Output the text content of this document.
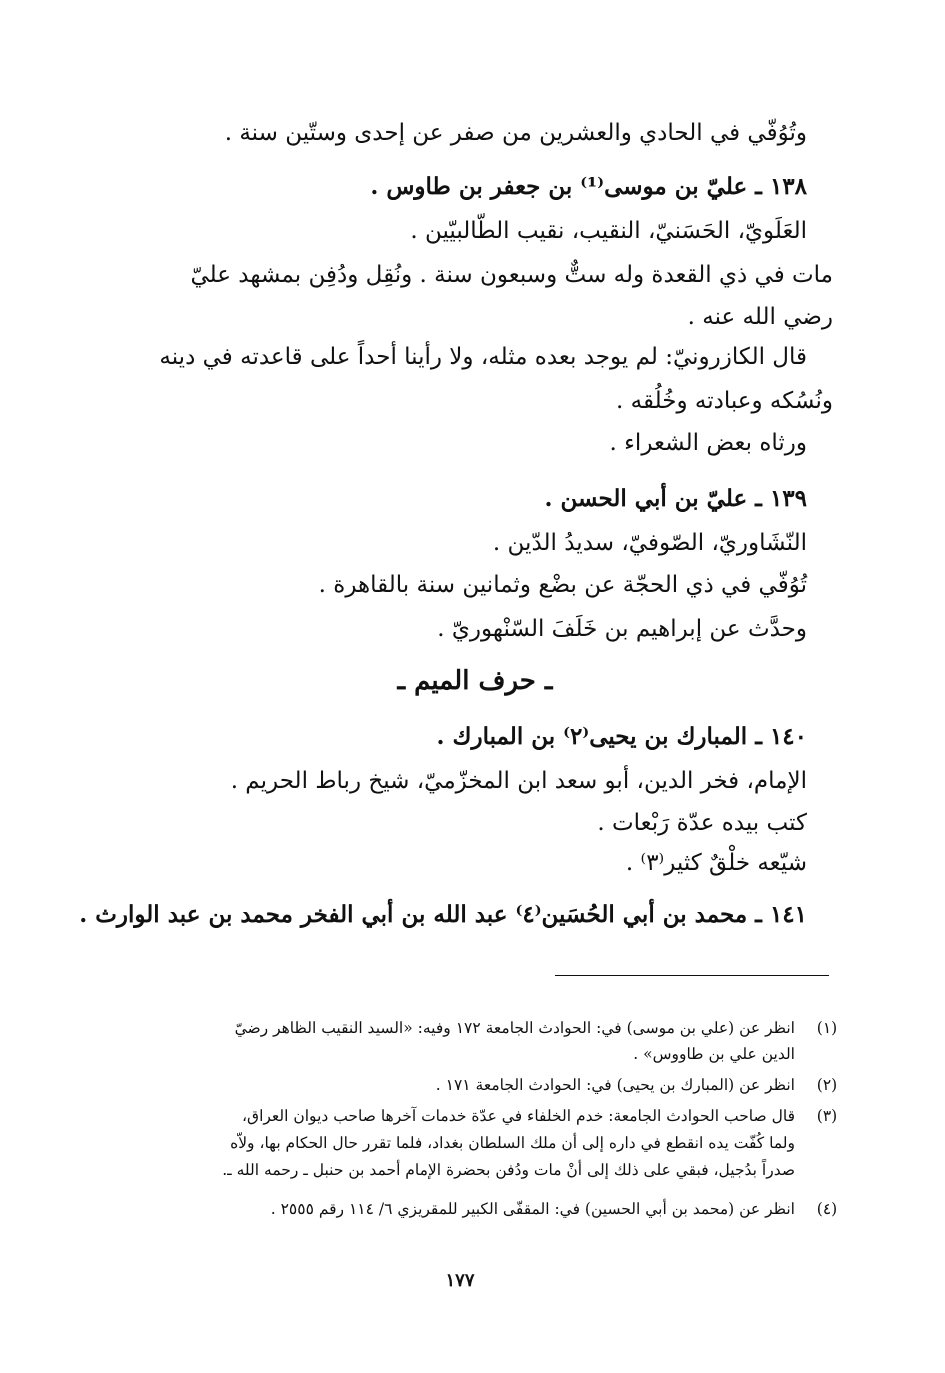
وتُوُفّي في الحادي والعشرين من صفر عن إحدى وستّين سنة .
١٣٨ ـ عليّ بن موسى⁽¹⁾ بن جعفر بن طاوس .
العَلَويّ، الحَسَنيّ، النقيب، نقيب الطّالبيّين .
مات في ذي القعدة وله ستٌّ وسبعون سنة . ونُقِل ودُفِن بمشهد عليّ
رضي الله عنه .
قال الكازرونيّ: لم يوجد بعده مثله، ولا رأينا أحداً على قاعدته في دينه
ونُسُكه وعبادته وخُلُقه .
ورثاه بعض الشعراء .
١٣٩ ـ عليّ بن أبي الحسن .
النّشَاوريّ، الصّوفيّ، سديدُ الدّين .
تُوُفّي في ذي الحجّة عن بضْع وثمانين سنة بالقاهرة .
وحدَّث عن إبراهيم بن خَلَفَ السّنْهوريّ .
ـ حرف الميم ـ
١٤٠ ـ المبارك بن يحيى⁽٢⁾ بن المبارك .
الإمام، فخر الدين، أبو سعد ابن المخزّميّ، شيخ رباط الحريم .
كتب بيده عدّة رَبْعات .
شيّعه خلْقٌ كثير⁽٣⁾ .
١٤١ ـ محمد بن أبي الحُسَين⁽٤⁾ عبد الله بن أبي الفخر محمد بن عبد الوارث .
(١)
انظر عن (علي بن موسى) في: الحوادث الجامعة ١٧٢ وفيه: «السيد النقيب الظاهر رضيّ
الدين علي بن طاووس» .
(٢)
انظر عن (المبارك بن يحيى) في: الحوادث الجامعة ١٧١ .
(٣)
قال صاحب الحوادث الجامعة: خدم الخلفاء في عدّة خدمات آخرها صاحب ديوان العراق،
ولما كُفّت يده انقطع في داره إلى أن ملك السلطان بغداد، فلما تقرر حال الحكام بها، ولاّه
صدراً بدُجيل، فبقي على ذلك إلى أنْ مات ودُفن بحضرة الإمام أحمد بن حنبل ـ رحمه الله ـ.
(٤)
انظر عن (محمد بن أبي الحسين) في: المقفّى الكبير للمقريزي ٦/ ١١٤ رقم ٢٥٥٥ .
١٧٧
